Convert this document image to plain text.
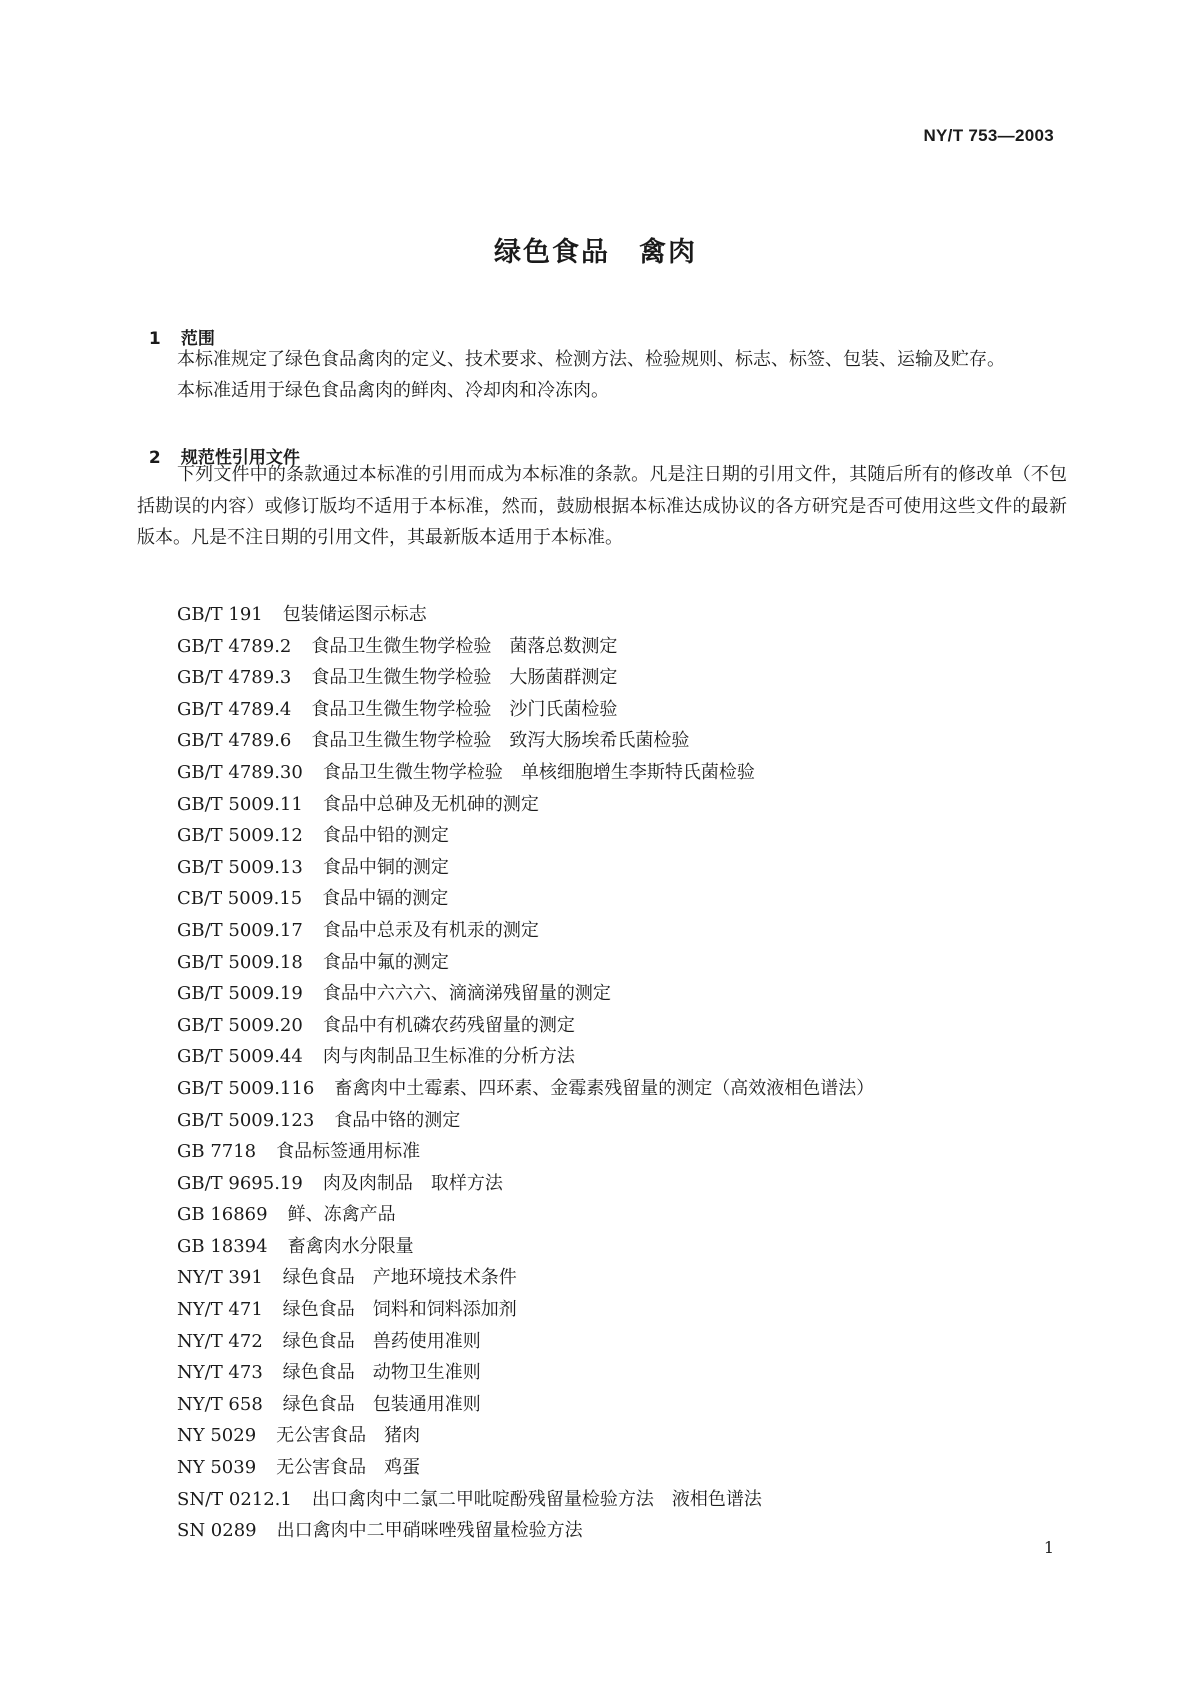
NY/T 753—2003
绿色食品　禽肉

1 范围

本标准规定了绿色食品禽肉的定义、技术要求、检测方法、检验规则、标志、标签、包装、运输及贮存。
本标准适用于绿色食品禽肉的鲜肉、冷却肉和冷冻肉。

2 规范性引用文件

下列文件中的条款通过本标准的引用而成为本标准的条款。凡是注日期的引用文件，其随后所有的修改单（不包括勘误的内容）或修订版均不适用于本标准，然而，鼓励根据本标准达成协议的各方研究是否可使用这些文件的最新版本。凡是不注日期的引用文件，其最新版本适用于本标准。
GB/T 191 包装储运图示标志
GB/T 4789.2 食品卫生微生物学检验　菌落总数测定
GB/T 4789.3 食品卫生微生物学检验　大肠菌群测定
GB/T 4789.4 食品卫生微生物学检验　沙门氏菌检验
GB/T 4789.6 食品卫生微生物学检验　致泻大肠埃希氏菌检验
GB/T 4789.30 食品卫生微生物学检验　单核细胞增生李斯特氏菌检验
GB/T 5009.11 食品中总砷及无机砷的测定
GB/T 5009.12 食品中铅的测定
GB/T 5009.13 食品中铜的测定
CB/T 5009.15 食品中镉的测定
GB/T 5009.17 食品中总汞及有机汞的测定
GB/T 5009.18 食品中氟的测定
GB/T 5009.19 食品中六六六、滴滴涕残留量的测定
GB/T 5009.20 食品中有机磷农药残留量的测定
GB/T 5009.44 肉与肉制品卫生标准的分析方法
GB/T 5009.116 畜禽肉中土霉素、四环素、金霉素残留量的测定（高效液相色谱法）
GB/T 5009.123 食品中铬的测定
GB 7718 食品标签通用标准
GB/T 9695.19 肉及肉制品　取样方法
GB 16869 鲜、冻禽产品
GB 18394 畜禽肉水分限量
NY/T 391 绿色食品　产地环境技术条件
NY/T 471 绿色食品　饲料和饲料添加剂
NY/T 472 绿色食品　兽药使用准则
NY/T 473 绿色食品　动物卫生准则
NY/T 658 绿色食品　包装通用准则
NY 5029 无公害食品　猪肉
NY 5039 无公害食品　鸡蛋
SN/T 0212.1 出口禽肉中二氯二甲吡啶酚残留量检验方法　液相色谱法
SN 0289 出口禽肉中二甲硝咪唑残留量检验方法
1
